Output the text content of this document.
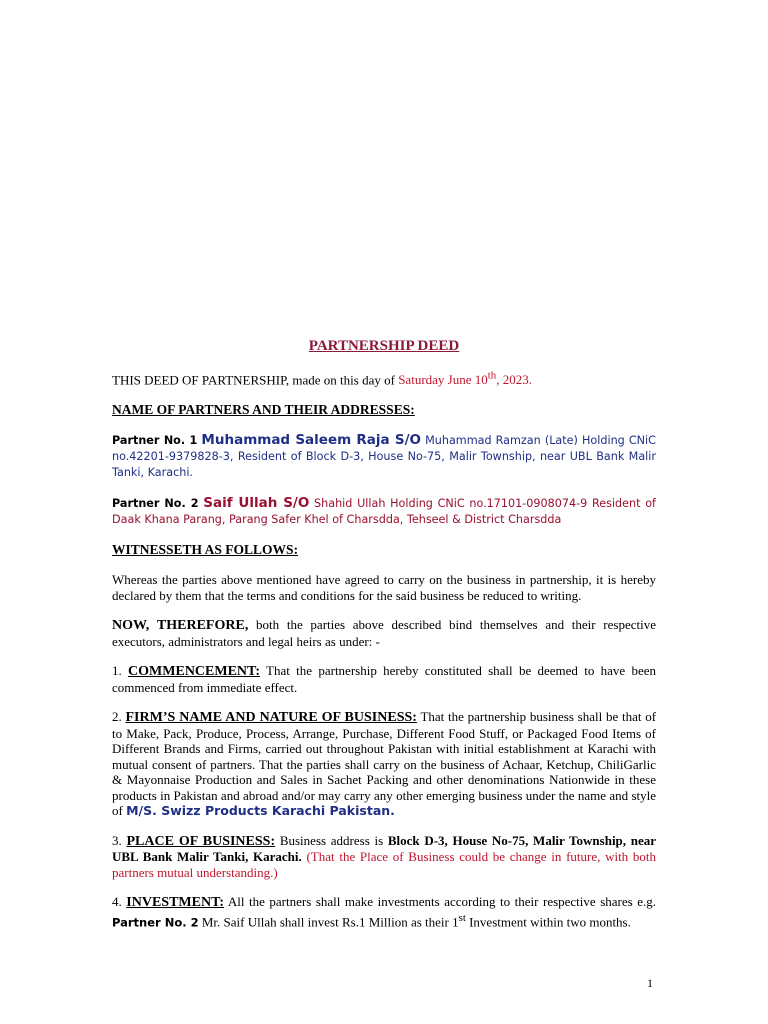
PARTNERSHIP DEED

THIS DEED OF PARTNERSHIP, made on this day of Saturday June 10th, 2023.

NAME OF PARTNERS AND THEIR ADDRESSES:

Partner No. 1 Muhammad Saleem Raja S/O Muhammad Ramzan (Late) Holding CNiC no.42201-9379828-3, Resident of Block D-3, House No-75, Malir Township, near UBL Bank Malir Tanki, Karachi.

Partner No. 2 Saif Ullah S/O Shahid Ullah Holding CNiC no.17101-0908074-9 Resident of Daak Khana Parang, Parang Safer Khel of Charsdda, Tehseel & District Charsdda

WITNESSETH AS FOLLOWS:

Whereas the parties above mentioned have agreed to carry on the business in partnership, it is hereby declared by them that the terms and conditions for the said business be reduced to writing.

NOW, THEREFORE, both the parties above described bind themselves and their respective executors, administrators and legal heirs as under: -

1. COMMENCEMENT: That the partnership hereby constituted shall be deemed to have been commenced from immediate effect.

2. FIRM’S NAME AND NATURE OF BUSINESS: That the partnership business shall be that of to Make, Pack, Produce, Process, Arrange, Purchase, Different Food Stuff, or Packaged Food Items of Different Brands and Firms, carried out throughout Pakistan with initial establishment at Karachi with mutual consent of partners. That the parties shall carry on the business of Achaar, Ketchup, ChiliGarlic & Mayonnaise Production and Sales in Sachet Packing and other denominations Nationwide in these products in Pakistan and abroad and/or may carry any other emerging business under the name and style of M/S. Swizz Products Karachi Pakistan.

3. PLACE OF BUSINESS: Business address is Block D-3, House No-75, Malir Township, near UBL Bank Malir Tanki, Karachi. (That the Place of Business could be change in future, with both partners mutual understanding.)

4. INVESTMENT: All the partners shall make investments according to their respective shares e.g. Partner No. 2 Mr. Saif Ullah shall invest Rs.1 Million as their 1st Investment within two months.

1
